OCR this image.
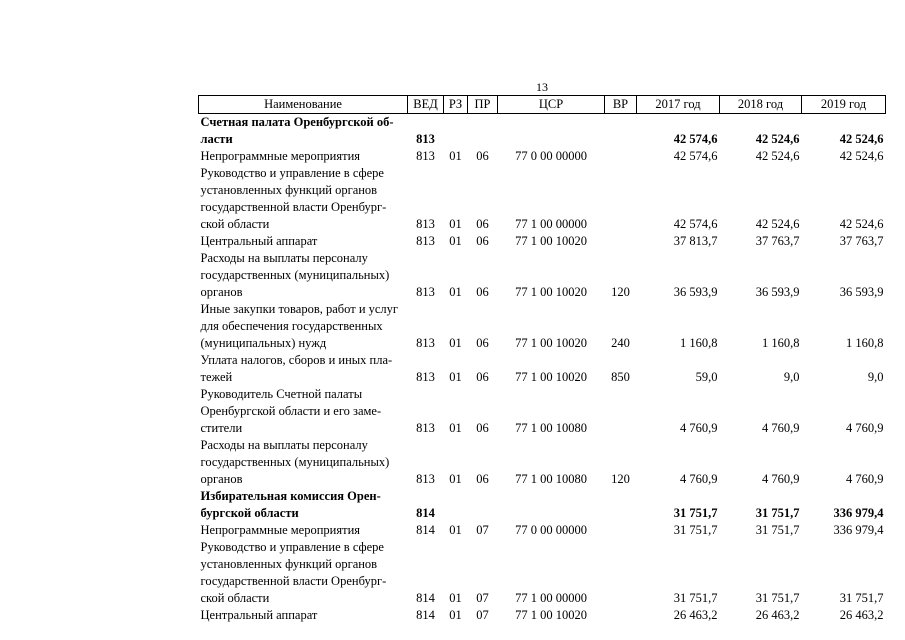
13
Наименование	ВЕД	РЗ	ПР	ЦСР	ВР	2017 год	2018 год	2019 год
Счетная палата Оренбургской об-
ласти	813					42 574,6	42 524,6	42 524,6
Непрограммные мероприятия	813	01	06	77 0 00 00000		42 574,6	42 524,6	42 524,6
Руководство и управление в сфере
установленных функций органов
государственной власти Оренбург-
ской области	813	01	06	77 1 00 00000		42 574,6	42 524,6	42 524,6
Центральный аппарат	813	01	06	77 1 00 10020		37 813,7	37 763,7	37 763,7
Расходы на выплаты персоналу
государственных (муниципальных)
органов	813	01	06	77 1 00 10020	120	36 593,9	36 593,9	36 593,9
Иные закупки товаров, работ и услуг
для обеспечения государственных
(муниципальных) нужд	813	01	06	77 1 00 10020	240	1 160,8	1 160,8	1 160,8
Уплата налогов, сборов и иных пла-
тежей	813	01	06	77 1 00 10020	850	59,0	9,0	9,0
Руководитель Счетной палаты
Оренбургской области и его заме-
стители	813	01	06	77 1 00 10080		4 760,9	4 760,9	4 760,9
Расходы на выплаты персоналу
государственных (муниципальных)
органов	813	01	06	77 1 00 10080	120	4 760,9	4 760,9	4 760,9
Избирательная комиссия Орен-
бургской области	814					31 751,7	31 751,7	336 979,4
Непрограммные мероприятия	814	01	07	77 0 00 00000		31 751,7	31 751,7	336 979,4
Руководство и управление в сфере
установленных функций органов
государственной власти Оренбург-
ской области	814	01	07	77 1 00 00000		31 751,7	31 751,7	31 751,7
Центральный аппарат	814	01	07	77 1 00 10020		26 463,2	26 463,2	26 463,2
